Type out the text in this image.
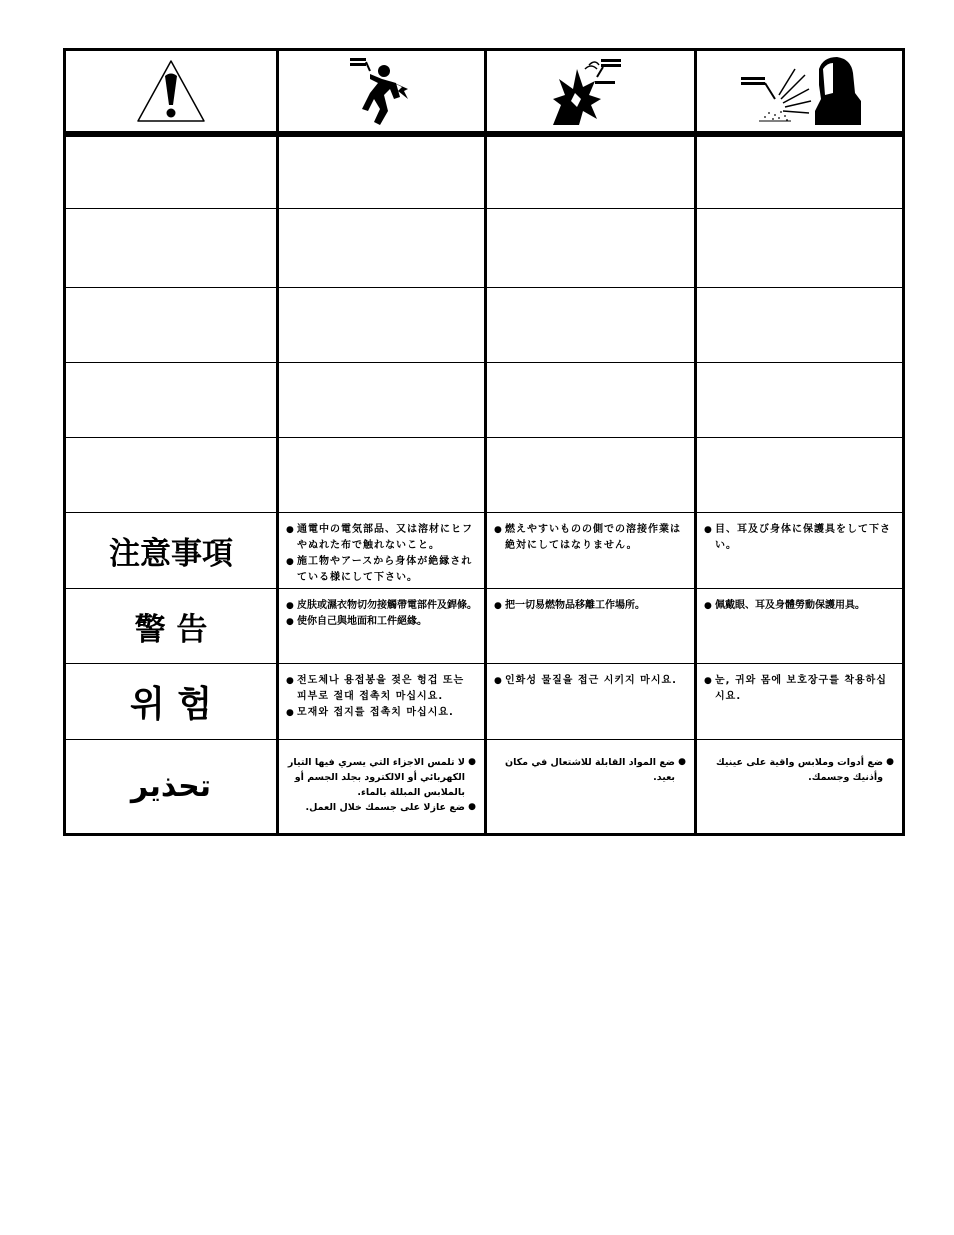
注意事項
● 通電中の電気部品、又は溶材にヒフやぬれた布で触れないこと。
● 施工物やアースから身体が絶縁されている様にして下さい。
● 燃えやすいものの側での溶接作業は絶対にしてはなりません。
● 目、耳及び身体に保護具をして下さい。
警 告
● 皮肤或濕衣物切勿接觸帶電部件及銲條。
● 使你自己與地面和工件絕緣。
● 把一切易燃物品移離工作場所。	● 佩戴眼、耳及身體勞動保護用具。
위 험
● 전도체나 용접봉을 젖은 헝겁 또는 피부로 절대 접촉치 마십시요.
● 모재와 접지를 접촉치 마십시요.
● 인화성 물질을 접근 시키지 마시요.	● 눈, 귀와 몸에 보호장구를 착용하십시요.
تحذير
● لا تلمس الاجزاء التي يسري فيها التيار الكهربائي أو الالكترود بجلد الجسم أو بالملابس المبللة بالماء.
● ضع عازلا على جسمك خلال العمل.
● ضع المواد القابلة للاشتعال في مكان بعيد.
● ضع أدوات وملابس واقية على عينيك وأذنيك وجسمك.
